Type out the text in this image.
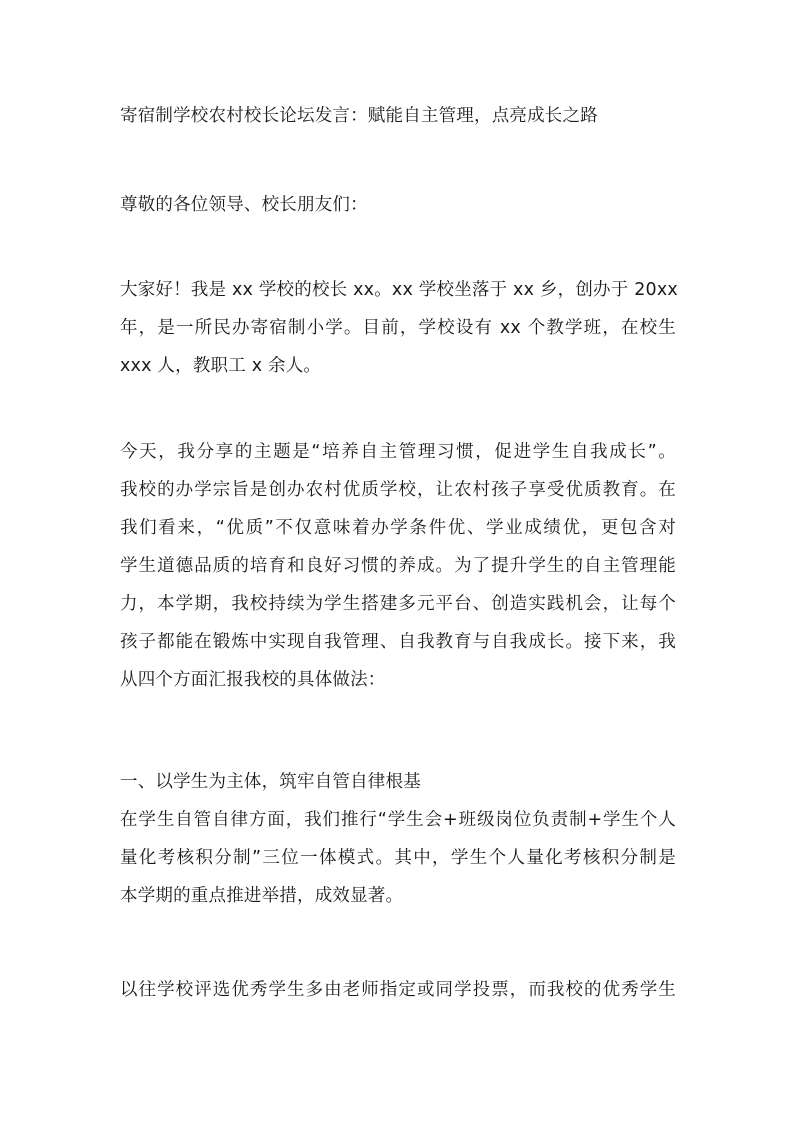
寄宿制学校农村校长论坛发言：赋能自主管理，点亮成长之路
尊敬的各位领导、校长朋友们：
大家好！我是 xx 学校的校长 xx。xx 学校坐落于 xx 乡，创办于 20xx
年，是一所民办寄宿制小学。目前，学校设有 xx 个教学班，在校生
xxx 人，教职工 x 余人。
今天，我分享的主题是“培养自主管理习惯，促进学生自我成长”。
我校的办学宗旨是创办农村优质学校，让农村孩子享受优质教育。在
我们看来，“优质”不仅意味着办学条件优、学业成绩优，更包含对
学生道德品质的培育和良好习惯的养成。为了提升学生的自主管理能
力，本学期，我校持续为学生搭建多元平台、创造实践机会，让每个
孩子都能在锻炼中实现自我管理、自我教育与自我成长。接下来，我
从四个方面汇报我校的具体做法：
一、以学生为主体，筑牢自管自律根基
在学生自管自律方面，我们推行“学生会+班级岗位负责制+学生个人
量化考核积分制”三位一体模式。其中，学生个人量化考核积分制是
本学期的重点推进举措，成效显著。
以往学校评选优秀学生多由老师指定或同学投票，而我校的优秀学生
